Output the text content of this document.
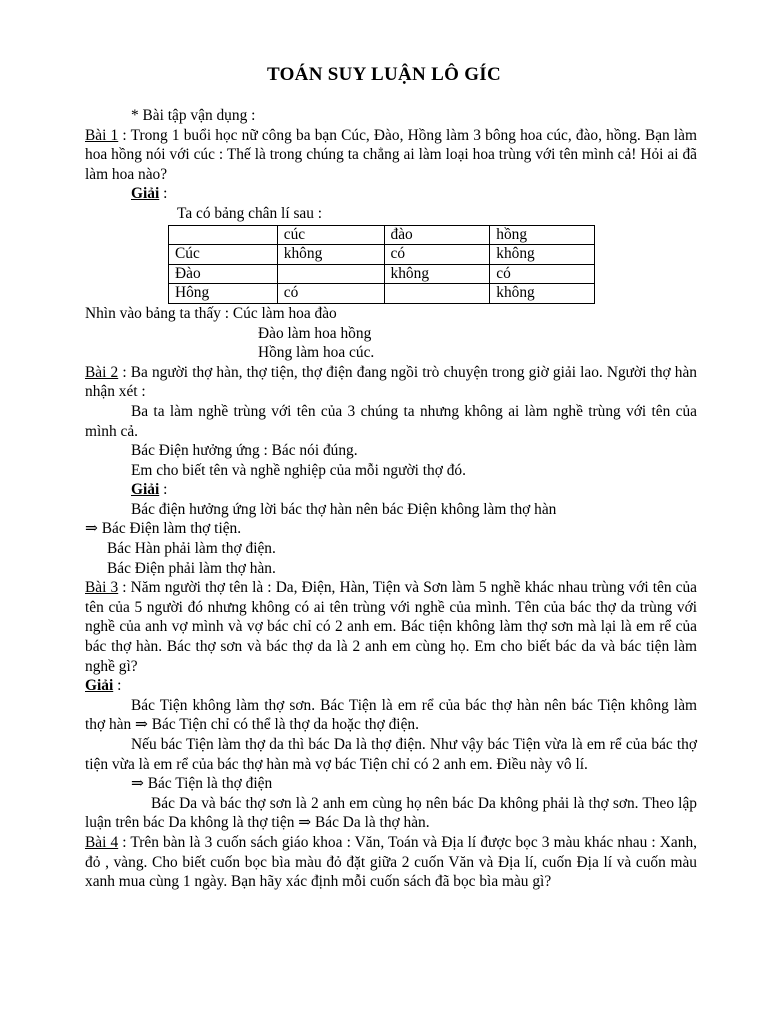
TOÁN SUY LUẬN LÔ GÍC

* Bài tập vận dụng :

Bài 1 : Trong 1 buổi học nữ công ba bạn Cúc, Đào, Hồng làm 3 bông hoa cúc, đào, hồng. Bạn làm hoa hồng nói với cúc : Thế là trong chúng ta chẳng ai làm loại hoa trùng với tên mình cả! Hỏi ai đã làm hoa nào?

Giải :

Ta có bảng chân lí sau :

	cúc	đào	hồng
Cúc	không	có	không
Đào		không	có
Hông	có		không

Nhìn vào bảng ta thấy : Cúc làm hoa đào

Đào làm hoa hồng

Hồng làm hoa cúc.

Bài 2 : Ba người thợ hàn, thợ tiện, thợ điện đang ngồi trò chuyện trong giờ giải lao. Người thợ hàn nhận xét :

Ba ta làm nghề trùng với tên của 3 chúng ta nhưng không ai làm nghề trùng với tên của mình cả.

Bác Điện hưởng ứng : Bác nói đúng.

Em cho biết tên và nghề nghiệp của mỗi người thợ đó.

Giải :

Bác điện hưởng ứng lời bác thợ hàn nên bác Điện không làm thợ hàn

⇒ Bác Điện làm thợ tiện.

Bác Hàn phải làm thợ điện.

Bác Điện phải làm thợ hàn.

Bài 3 : Năm người thợ tên là : Da, Điện, Hàn, Tiện và Sơn làm 5 nghề khác nhau trùng với tên của tên của 5 người đó nhưng không có ai tên trùng với nghề của mình. Tên của bác thợ da trùng với nghề của anh vợ mình và vợ bác chỉ có 2 anh em. Bác tiện không làm thợ sơn mà lại là em rể của bác thợ hàn. Bác thợ sơn và bác thợ da là 2 anh em cùng họ. Em cho biết bác da và bác tiện làm nghề gì?

Giải :

Bác Tiện không làm thợ sơn. Bác Tiện là em rể của bác thợ hàn nên bác Tiện không làm thợ hàn ⇒ Bác Tiện chỉ có thể là thợ da hoặc thợ điện.

Nếu bác Tiện làm thợ da thì bác Da là thợ điện. Như vậy bác Tiện vừa là em rể của bác thợ tiện vừa là em rể của bác thợ hàn mà vợ bác Tiện chỉ có 2 anh em. Điều này vô lí.

⇒ Bác Tiện là thợ điện

Bác Da và bác thợ sơn là 2 anh em cùng họ nên bác Da không phải là thợ sơn. Theo lập luận trên bác Da không là thợ tiện ⇒ Bác Da là thợ hàn.

Bài 4 : Trên bàn là 3 cuốn sách giáo khoa : Văn, Toán và Địa lí được bọc 3 màu khác nhau : Xanh, đỏ , vàng. Cho biết cuốn bọc bìa màu đỏ đặt giữa 2 cuốn Văn và Địa lí, cuốn Địa lí và cuốn màu xanh mua cùng 1 ngày. Bạn hãy xác định mỗi cuốn sách đã bọc bìa màu gì?
